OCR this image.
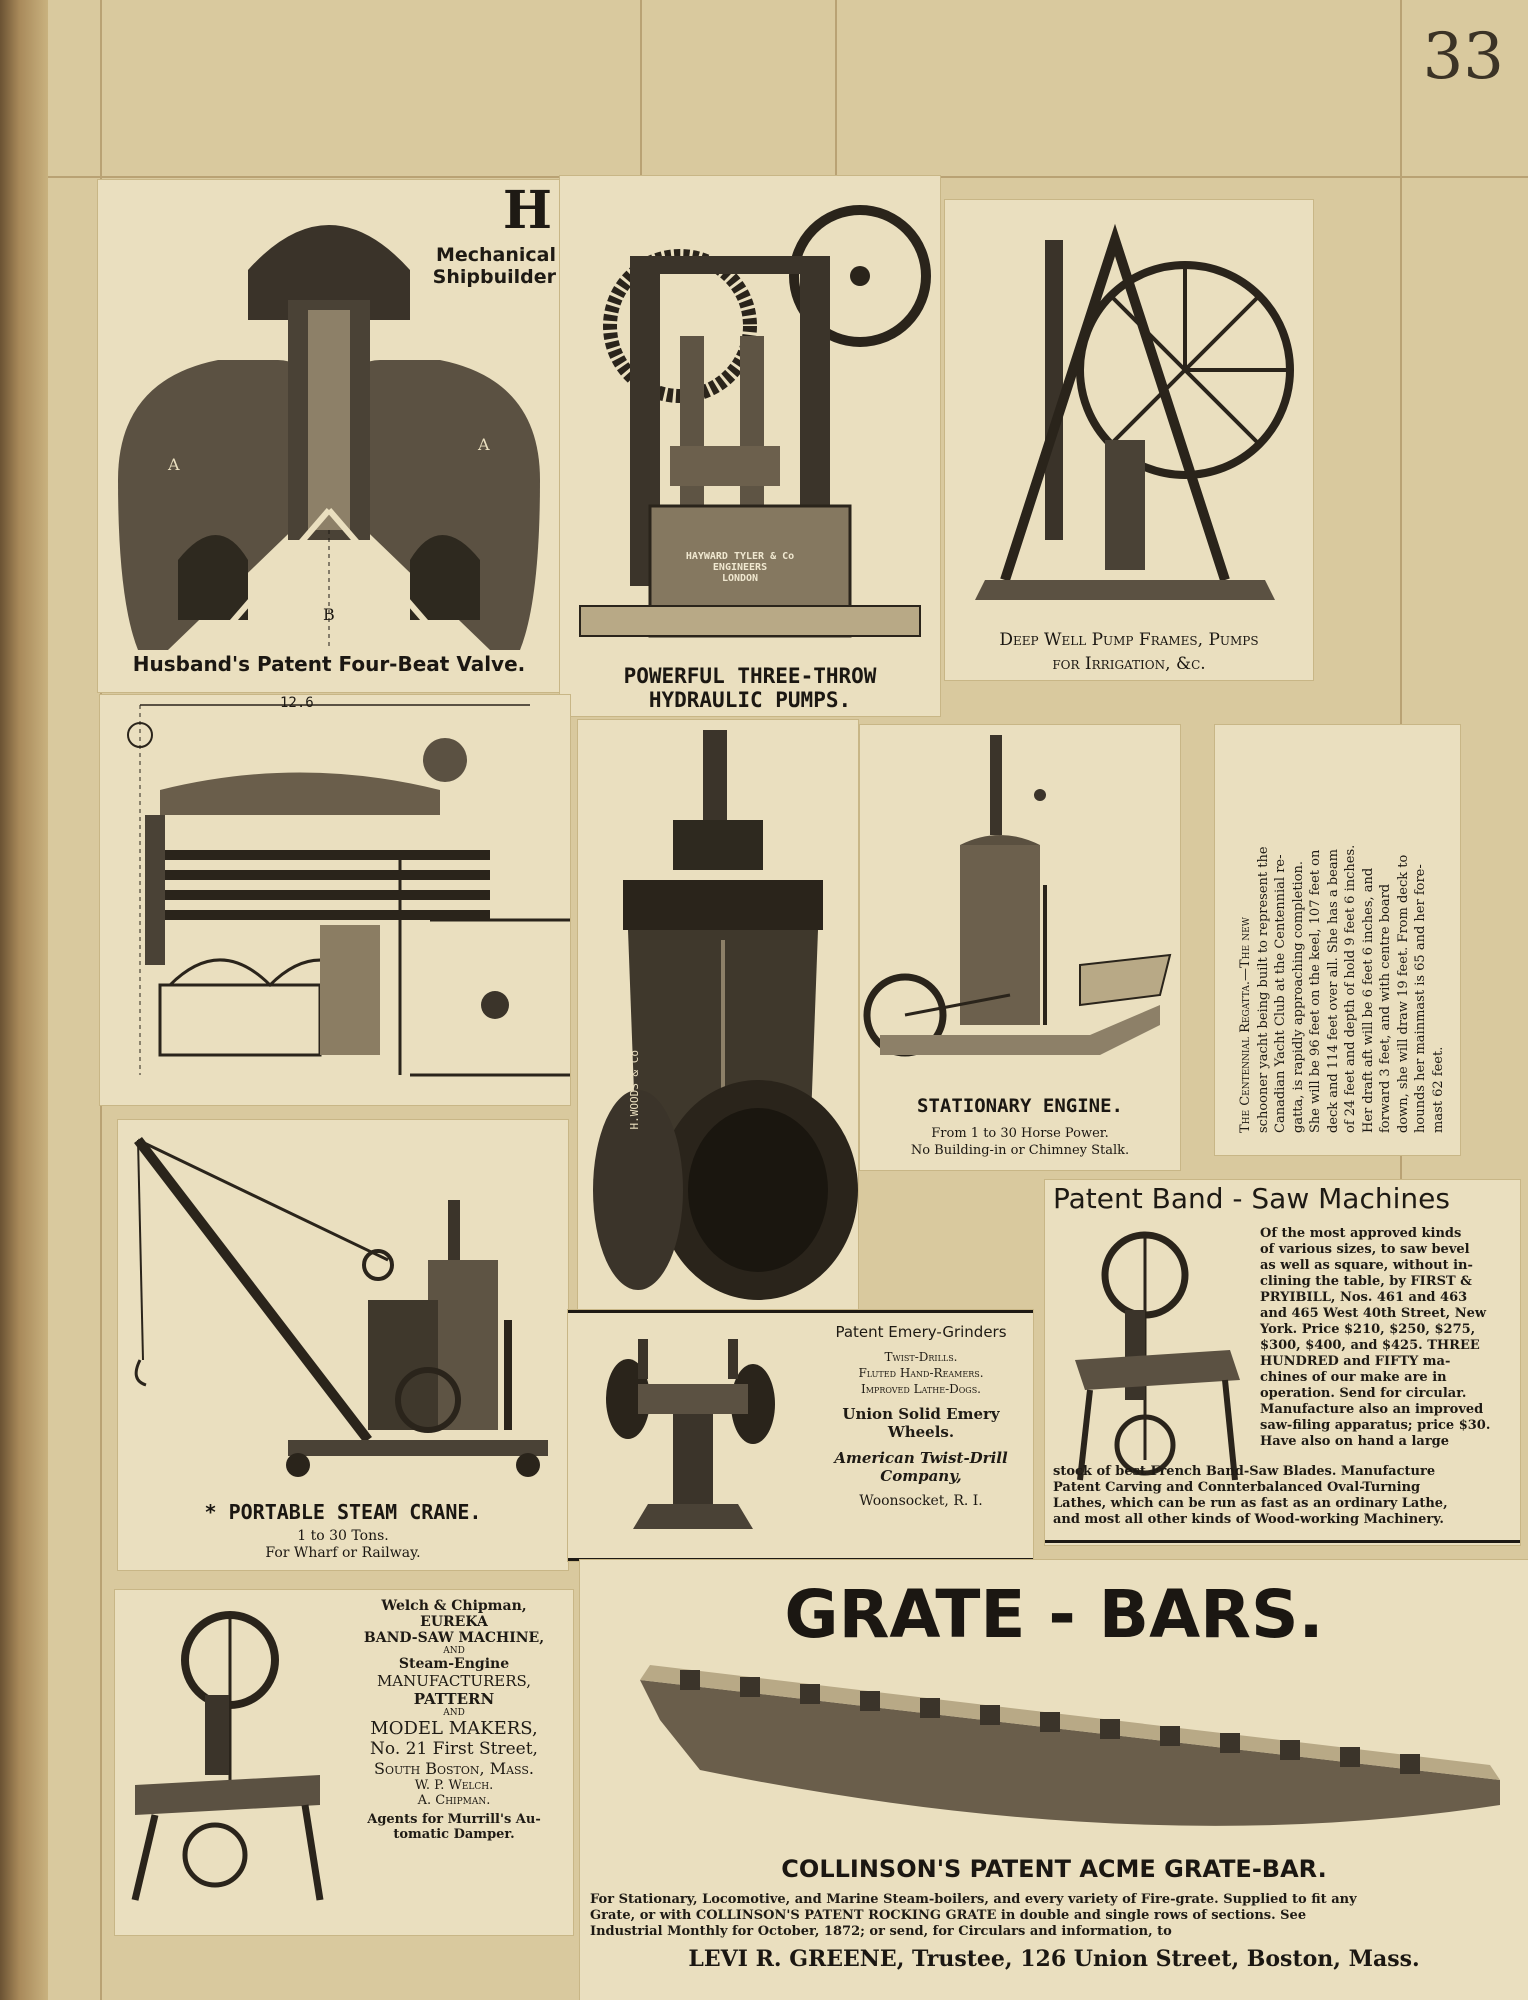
33
H
Mechanical
Shipbuilder
A
A
B
Husband's Patent Four-Beat Valve.
HAYWARD TYLER & Co
ENGINEERS
LONDON
POWERFUL THREE-THROW
HYDRAULIC PUMPS.
Deep Well Pump Frames, Pumps
for Irrigation, &c.
12.6
H.WOODS & Co	STATIONARY ENGINE.
From 1 to 30 Horse Power.
No Building-in or Chimney Stalk.
The Centennial Regatta.—The new schooner yacht being built to represent the Canadian Yacht Club at the Centennial re- gatta, is rapidly approaching completion. She will be 96 feet on the keel, 107 feet on deck and 114 feet over all. She has a beam of 24 feet and depth of hold 9 feet 6 inches. Her draft aft will be 6 feet 6 inches, and forward 3 feet, and with centre board down, she will draw 19 feet. From deck to hounds her mainmast is 65 and her fore- mast 62 feet.
Patent Band - Saw Machines
Of the most approved kinds
of various sizes, to saw bevel
as well as square, without in-
clining the table, by FIRST &
PRYIBILL, Nos. 461 and 463
and 465 West 40th Street, New
York. Price $210, $250, $275,
$300, $400, and $425. THREE
HUNDRED and FIFTY ma-
chines of our make are in
operation. Send for circular.
Manufacture also an improved
saw-filing apparatus; price $30.
Have also on hand a large
stock of best French Band-Saw Blades. Manufacture
Patent Carving and Connterbalanced Oval-Turning
Lathes, which can be run as fast as an ordinary Lathe,
and most all other kinds of Wood-working Machinery.
* PORTABLE STEAM CRANE.
1 to 30 Tons.
For Wharf or Railway.
Patent Emery-Grinders
Twist-Drills.
Fluted Hand-Reamers.
Improved Lathe-Dogs.
Union Solid Emery
Wheels.
American Twist-Drill
Company,
Woonsocket, R. I.
Welch & Chipman,
EUREKA
BAND-SAW MACHINE,
AND
Steam-Engine
MANUFACTURERS,
PATTERN
AND
MODEL MAKERS,
No. 21 First Street,
South Boston, Mass.
W. P. Welch.
A. Chipman.
Agents for Murrill's Au-
tomatic Damper.
GRATE - BARS.
COLLINSON'S PATENT ACME GRATE-BAR.
For Stationary, Locomotive, and Marine Steam-boilers, and every variety of Fire-grate. Supplied to fit any
Grate, or with COLLINSON'S PATENT ROCKING GRATE in double and single rows of sections. See
Industrial Monthly for October, 1872; or send, for Circulars and information, to
LEVI R. GREENE, Trustee, 126 Union Street, Boston, Mass.
